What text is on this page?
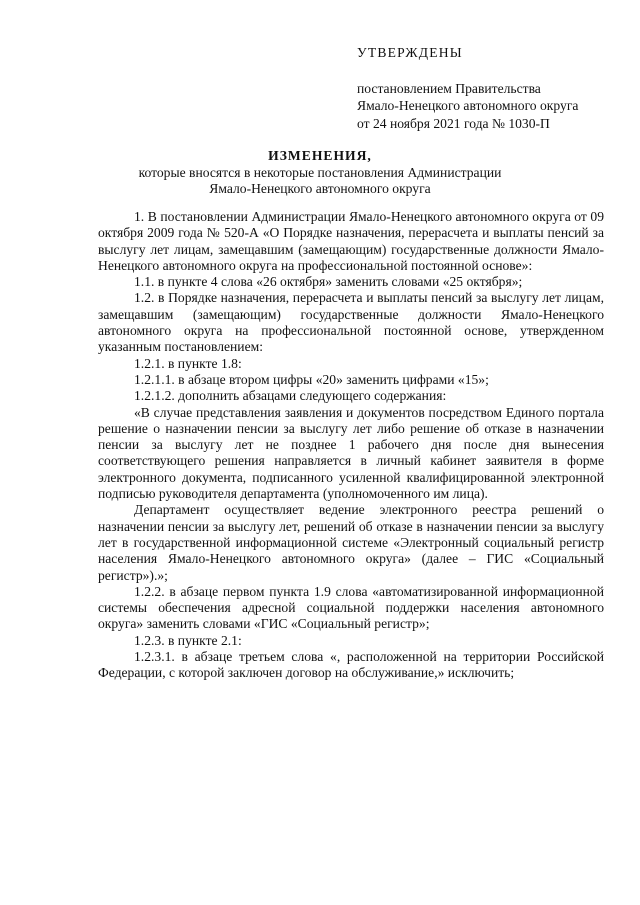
УТВЕРЖДЕНЫ
постановлением Правительства
Ямало-Ненецкого автономного округа
от 24 ноября 2021 года № 1030-П
ИЗМЕНЕНИЯ,
которые вносятся в некоторые постановления Администрации
Ямало-Ненецкого автономного округа

1. В постановлении Администрации Ямало-Ненецкого автономного округа от 09 октября 2009 года № 520-А «О Порядке назначения, перерасчета и выплаты пенсий за выслугу лет лицам, замещавшим (замещающим) государственные должности Ямало-Ненецкого автономного округа на профессиональной постоянной основе»:

1.1. в пункте 4 слова «26 октября» заменить словами «25 октября»;

1.2. в Порядке назначения, перерасчета и выплаты пенсий за выслугу лет лицам, замещавшим (замещающим) государственные должности Ямало-Ненецкого автономного округа на профессиональной постоянной основе, утвержденном указанным постановлением:

1.2.1. в пункте 1.8:

1.2.1.1. в абзаце втором цифры «20» заменить цифрами «15»;

1.2.1.2. дополнить абзацами следующего содержания:

«В случае представления заявления и документов посредством Единого портала решение о назначении пенсии за выслугу лет либо решение об отказе в назначении пенсии за выслугу лет не позднее 1 рабочего дня после дня вынесения соответствующего решения направляется в личный кабинет заявителя в форме электронного документа, подписанного усиленной квалифицированной электронной подписью руководителя департамента (уполномоченного им лица).

Департамент осуществляет ведение электронного реестра решений о назначении пенсии за выслугу лет, решений об отказе в назначении пенсии за выслугу лет в государственной информационной системе «Электронный социальный регистр населения Ямало-Ненецкого автономного округа» (далее – ГИС «Социальный регистр»).»;

1.2.2. в абзаце первом пункта 1.9 слова «автоматизированной информационной системы обеспечения адресной социальной поддержки населения автономного округа» заменить словами «ГИС «Социальный регистр»;

1.2.3. в пункте 2.1:

1.2.3.1. в абзаце третьем слова «, расположенной на территории Российской Федерации, с которой заключен договор на обслуживание,» исключить;
